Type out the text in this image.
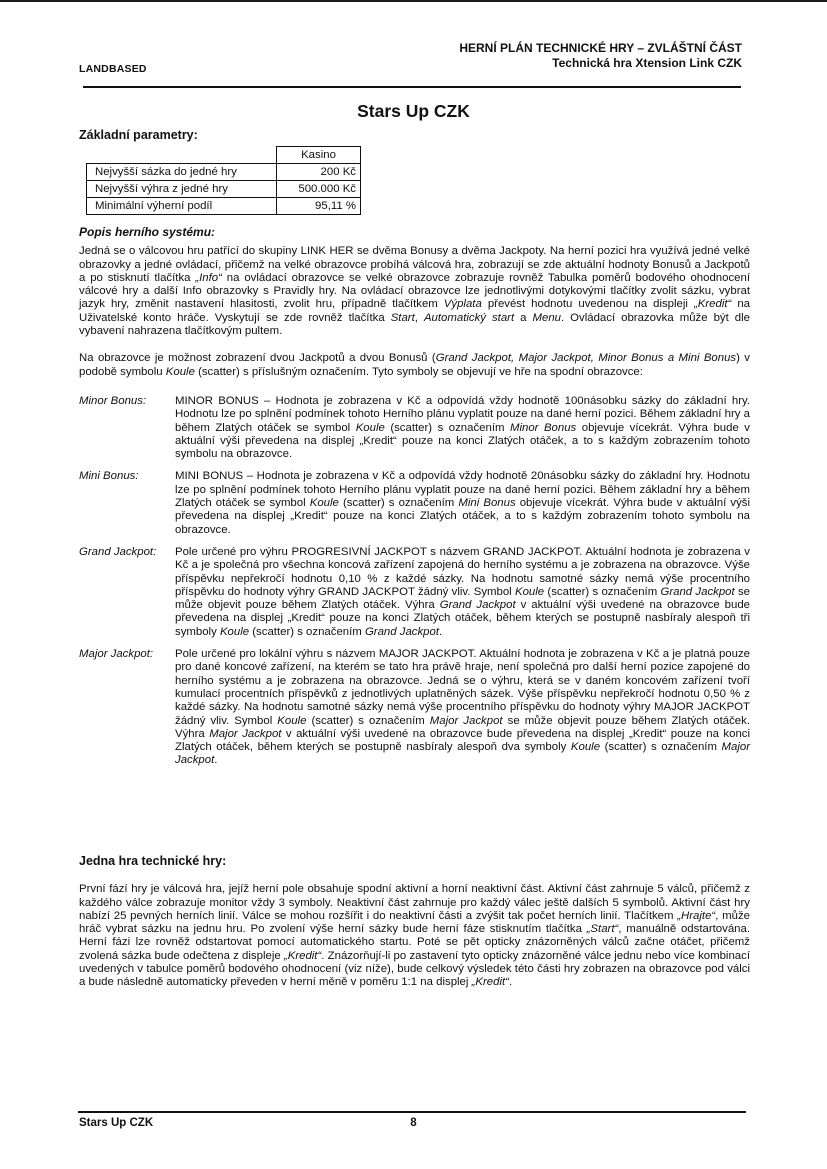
LANDBASED
HERNÍ PLÁN TECHNICKÉ HRY – ZVLÁŠTNÍ ČÁST
Technická hra Xtension Link CZK
Stars Up CZK
Základní parametry:
	Kasino
Nejvyšší sázka do jedné hry	200 Kč
Nejvyšší výhra z jedné hry	500.000 Kč
Minimální výherní podíl	95,11 %
Popis herního systému:
Jedná se o válcovou hru patřící do skupiny LINK HER se dvěma Bonusy a dvěma Jackpoty. Na herní pozici hra využívá jedné velké obrazovky a jedné ovládací, přičemž na velké obrazovce probíhá válcová hra, zobrazují se zde aktuální hodnoty Bonusů a Jackpotů a po stisknutí tlačítka „Info“ na ovládací obrazovce se velké obrazovce zobrazuje rovněž Tabulka poměrů bodového ohodnocení válcové hry a další Info obrazovky s Pravidly hry. Na ovládací obrazovce lze jednotlivými dotykovými tlačítky zvolit sázku, vybrat jazyk hry, změnit nastavení hlasitosti, zvolit hru, případně tlačítkem Výplata převést hodnotu uvedenou na displeji „Kredit“ na Uživatelské konto hráče. Vyskytují se zde rovněž tlačítka Start, Automatický start a Menu. Ovládací obrazovka může být dle vybavení nahrazena tlačítkovým pultem.
Na obrazovce je možnost zobrazení dvou Jackpotů a dvou Bonusů (Grand Jackpot, Major Jackpot, Minor Bonus a Mini Bonus) v podobě symbolu Koule (scatter) s příslušným označením. Tyto symboly se objevují ve hře na spodní obrazovce:
Minor Bonus:	MINOR BONUS – Hodnota je zobrazena v Kč a odpovídá vždy hodnotě 100násobku sázky do základní hry. Hodnotu lze po splnění podmínek tohoto Herního plánu vyplatit pouze na dané herní pozici. Během základní hry a během Zlatých otáček se symbol Koule (scatter) s označením Minor Bonus objevuje vícekrát. Výhra bude v aktuální výši převedena na displej „Kredit“ pouze na konci Zlatých otáček, a to s každým zobrazením tohoto symbolu na obrazovce.
Mini Bonus:	MINI BONUS – Hodnota je zobrazena v Kč a odpovídá vždy hodnotě 20násobku sázky do základní hry. Hodnotu lze po splnění podmínek tohoto Herního plánu vyplatit pouze na dané herní pozici. Během základní hry a během Zlatých otáček se symbol Koule (scatter) s označením Mini Bonus objevuje vícekrát. Výhra bude v aktuální výši převedena na displej „Kredit“ pouze na konci Zlatých otáček, a to s každým zobrazením tohoto symbolu na obrazovce.
Grand Jackpot:	Pole určené pro výhru PROGRESIVNÍ JACKPOT s názvem GRAND JACKPOT. Aktuální hodnota je zobrazena v Kč a je společná pro všechna koncová zařízení zapojená do herního systému a je zobrazena na obrazovce. Výše příspěvku nepřekročí hodnotu 0,10 % z každé sázky. Na hodnotu samotné sázky nemá výše procentního příspěvku do hodnoty výhry GRAND JACKPOT žádný vliv. Symbol Koule (scatter) s označením Grand Jackpot se může objevit pouze během Zlatých otáček. Výhra Grand Jackpot v aktuální výši uvedené na obrazovce bude převedena na displej „Kredit“ pouze na konci Zlatých otáček, během kterých se postupně nasbíraly alespoň tři symboly Koule (scatter) s označením Grand Jackpot.
Major Jackpot:	Pole určené pro lokální výhru s názvem MAJOR JACKPOT. Aktuální hodnota je zobrazena v Kč a je platná pouze pro dané koncové zařízení, na kterém se tato hra právě hraje, není společná pro další herní pozice zapojené do herního systému a je zobrazena na obrazovce. Jedná se o výhru, která se v daném koncovém zařízení tvoří kumulací procentních příspěvků z jednotlivých uplatněných sázek. Výše příspěvku nepřekročí hodnotu 0,50 % z každé sázky. Na hodnotu samotné sázky nemá výše procentního příspěvku do hodnoty výhry MAJOR JACKPOT žádný vliv. Symbol Koule (scatter) s označením Major Jackpot se může objevit pouze během Zlatých otáček. Výhra Major Jackpot v aktuální výši uvedené na obrazovce bude převedena na displej „Kredit“ pouze na konci Zlatých otáček, během kterých se postupně nasbíraly alespoň dva symboly Koule (scatter) s označením Major Jackpot.
Jedna hra technické hry:
První fází hry je válcová hra, jejíž herní pole obsahuje spodní aktivní a horní neaktivní část. Aktivní část zahrnuje 5 válců, přičemž z každého válce zobrazuje monitor vždy 3 symboly. Neaktivní část zahrnuje pro každý válec ještě dalších 5 symbolů. Aktivní část hry nabízí 25 pevných herních linií. Válce se mohou rozšířit i do neaktivní části a zvýšit tak počet herních linií. Tlačítkem „Hrajte“, může hráč vybrat sázku na jednu hru. Po zvolení výše herní sázky bude herní fáze stisknutím tlačítka „Start“, manuálně odstartována. Herní fázi lze rovněž odstartovat pomocí automatického startu. Poté se pět opticky znázorněných válců začne otáčet, přičemž zvolená sázka bude odečtena z displeje „Kredit“. Znázorňují-li po zastavení tyto opticky znázorněné válce jednu nebo více kombinací uvedených v tabulce poměrů bodového ohodnocení (viz níže), bude celkový výsledek této části hry zobrazen na obrazovce pod válci a bude následně automaticky převeden v herní měně v poměru 1:1 na displej „Kredit“.
8
Stars Up CZK
